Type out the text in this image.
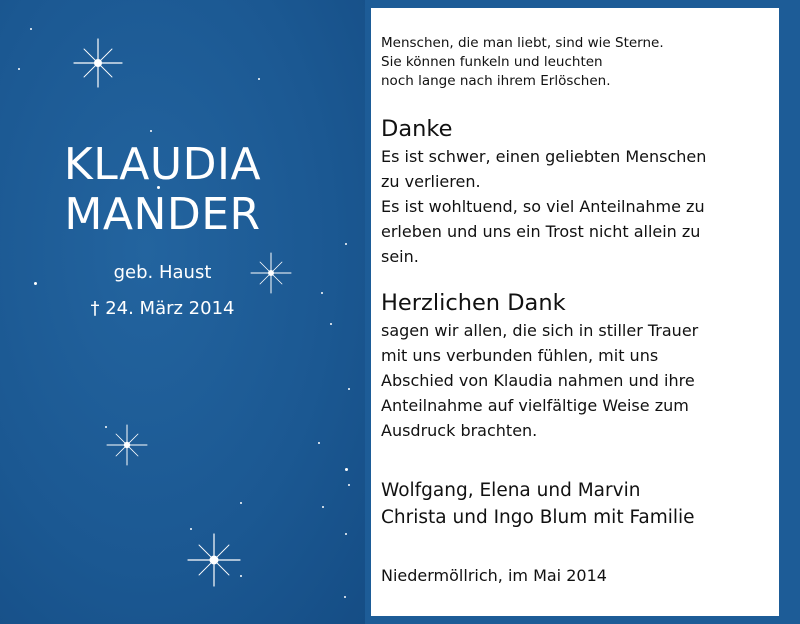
KLAUDIA
MANDER
geb. Haust
† 24. März 2014
Menschen, die man liebt, sind wie Sterne.
Sie können funkeln und leuchten
noch lange nach ihrem Erlöschen.
Danke
Es ist schwer, einen geliebten Menschen
zu verlieren.
Es ist wohltuend, so viel Anteilnahme zu
erleben und uns ein Trost nicht allein zu
sein.
Herzlichen Dank
sagen wir allen, die sich in stiller Trauer
mit uns verbunden fühlen, mit uns
Abschied von Klaudia nahmen und ihre
Anteilnahme auf vielfältige Weise zum
Ausdruck brachten.
Wolfgang, Elena und Marvin
Christa und Ingo Blum mit Familie
Niedermöllrich, im Mai 2014
